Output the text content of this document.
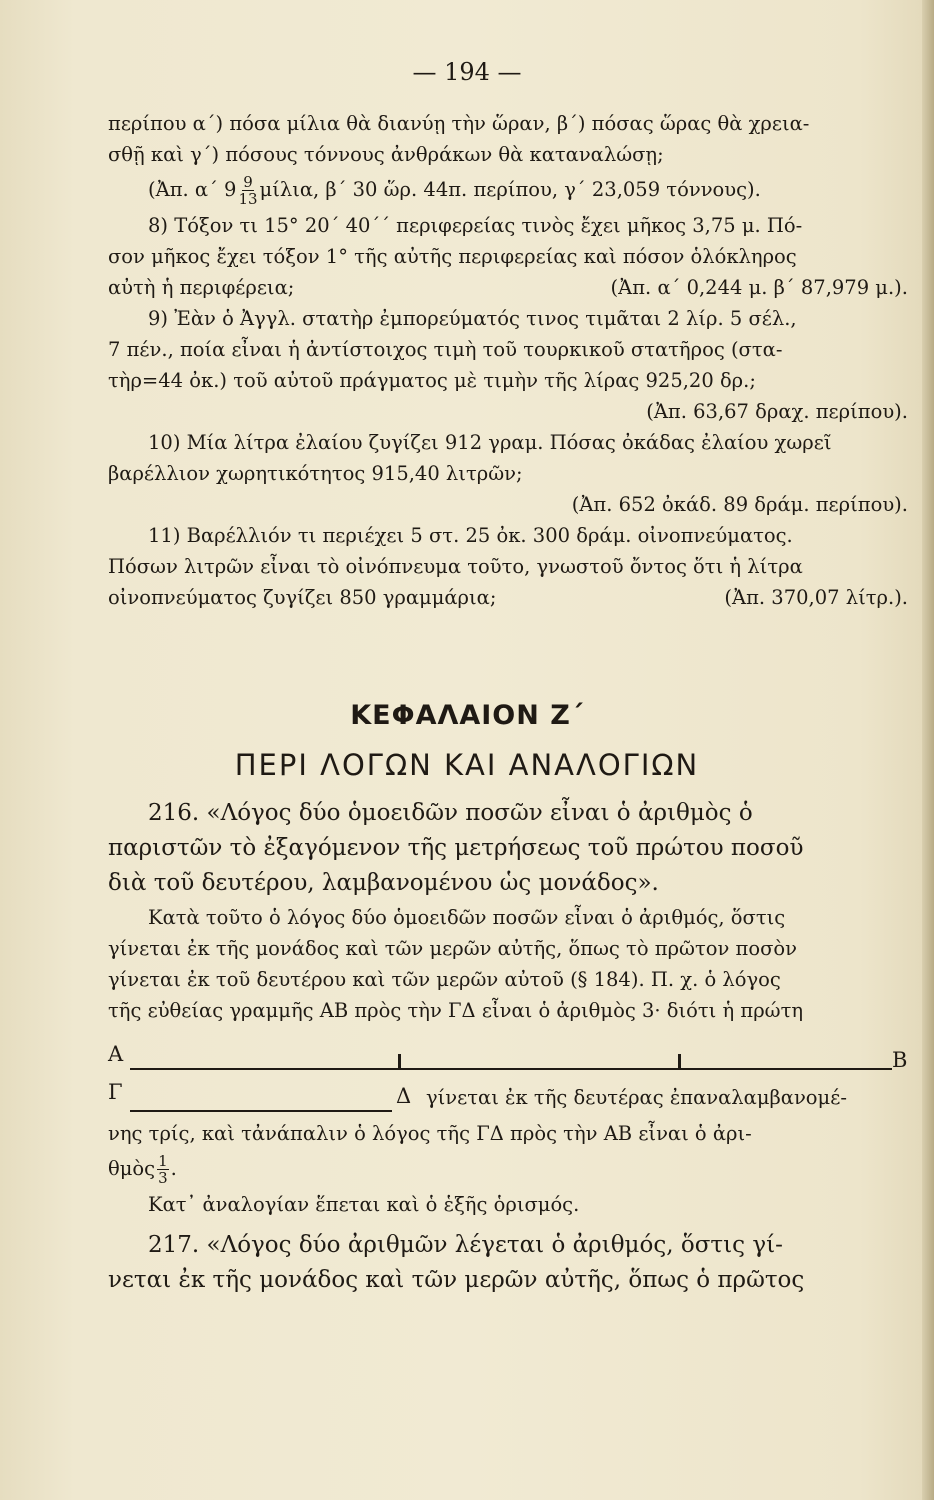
— 194 —
περίπου α΄) πόσα μίλια θὰ διανύῃ τὴν ὥραν, β΄) πόσας ὥρας θὰ χρεια-
σθῇ καὶ γ΄) πόσους τόννους ἀνθράκων θὰ καταναλώσῃ;
(Ἀπ. α΄ $9 \frac{9}{13} \mu ί\lambda\iota\alpha$, β΄ 30 ὥρ. 44π. περίπου, γ΄ 23,059 τόννους).
8) Τόξον τι 15° 20΄ 40΄΄ περιφερείας τινὸς ἔχει μῆκος 3,75 μ. Πό-
σον μῆκος ἔχει τόξον 1° τῆς αὐτῆς περιφερείας καὶ πόσον ὁλόκληρος
αὐτὴ ἡ περιφέρεια;	(Ἀπ. α΄ 0,244 μ. β΄ 87,979 μ.).
9) Ἐὰν ὁ Ἀγγλ. στατὴρ ἐμπορεύματός τινος τιμᾶται 2 λίρ. 5 σέλ.,
7 πέν., ποία εἶναι ἡ ἀντίστοιχος τιμὴ τοῦ τουρκικοῦ στατῆρος (στα-
τὴρ=44 ὀκ.) τοῦ αὐτοῦ πράγματος μὲ τιμὴν τῆς λίρας 925,20 δρ.;
(Ἀπ. 63,67 δραχ. περίπου).
10) Μία λίτρα ἐλαίου ζυγίζει 912 γραμ. Πόσας ὀκάδας ἐλαίου χωρεῖ
βαρέλλιον χωρητικότητος 915,40 λιτρῶν;
(Ἀπ. 652 ὀκάδ. 89 δράμ. περίπου).
11) Βαρέλλιόν τι περιέχει 5 στ. 25 ὀκ. 300 δράμ. οἰνοπνεύματος.
Πόσων λιτρῶν εἶναι τὸ οἰνόπνευμα τοῦτο, γνωστοῦ ὄντος ὅτι ἡ λίτρα
οἰνοπνεύματος ζυγίζει 850 γραμμάρια;	(Ἀπ. 370,07 λίτρ.).
ΚΕΦΑΛΑΙΟΝ Ζ΄
ΠΕΡΙ ΛΟΓΩΝ ΚΑΙ ΑΝΑΛΟΓΙΩΝ
216. «Λόγος δύο ὁμοειδῶν ποσῶν εἶναι ὁ ἀριθμὸς ὁ
παριστῶν τὸ ἐξαγόμενον τῆς μετρήσεως τοῦ πρώτου ποσοῦ
διὰ τοῦ δευτέρου, λαμβανομένου ὡς μονάδος».
Κατὰ τοῦτο ὁ λόγος δύο ὁμοειδῶν ποσῶν εἶναι ὁ ἀριθμός, ὅστις
γίνεται ἐκ τῆς μονάδος καὶ τῶν μερῶν αὐτῆς, ὅπως τὸ πρῶτον ποσὸν
γίνεται ἐκ τοῦ δευτέρου καὶ τῶν μερῶν αὐτοῦ (§ 184). Π. χ. ὁ λόγος
τῆς εὐθείας γραμμῆς ΑΒ πρὸς τὴν ΓΔ εἶναι ὁ ἀριθμὸς 3· διότι ἡ πρώτη
Α	Β
Γ	Δ γίνεται ἐκ τῆς δευτέρας ἐπαναλαμβανομέ-
νης τρίς, καὶ τἀνάπαλιν ὁ λόγος τῆς ΓΔ πρὸς τὴν ΑΒ εἶναι ὁ ἀρι-
θμὸς $\frac{1}{3}$ .
Κατ᾽ ἀναλογίαν ἕπεται καὶ ὁ ἑξῆς ὁρισμός.
217. «Λόγος δύο ἀριθμῶν λέγεται ὁ ἀριθμός, ὅστις γί-
νεται ἐκ τῆς μονάδος καὶ τῶν μερῶν αὐτῆς, ὅπως ὁ πρῶτος
